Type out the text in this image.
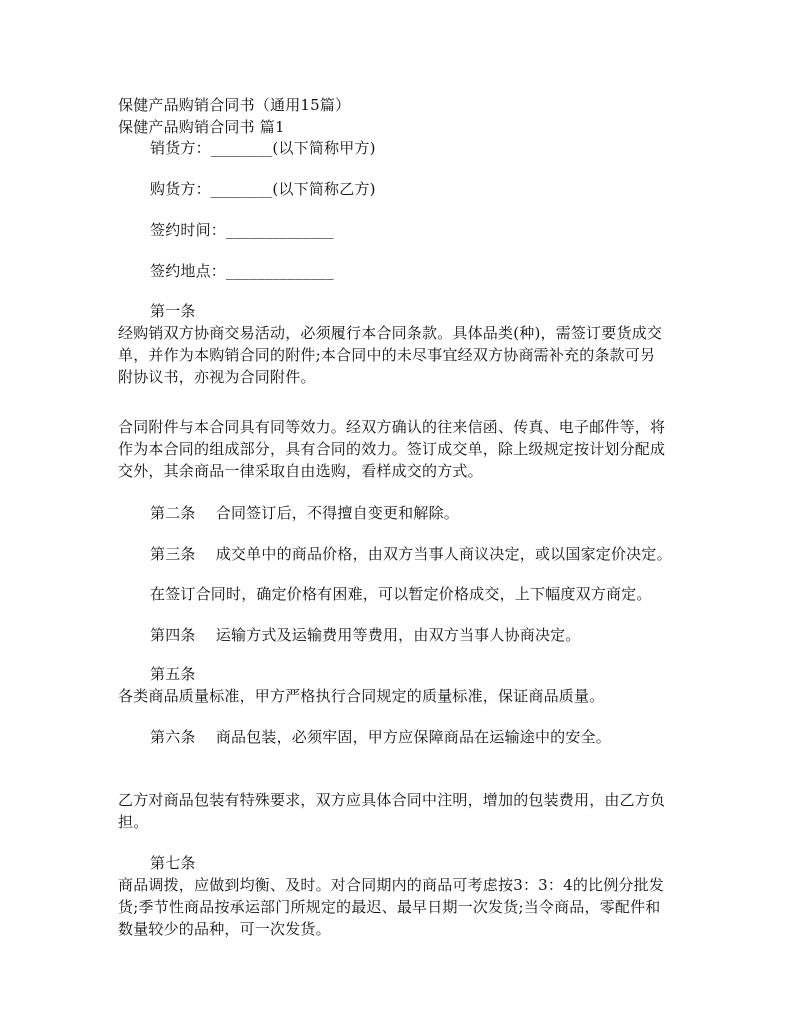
保健产品购销合同书（通用15篇）
保健产品购销合同书 篇1
销货方：________(以下简称甲方)
购货方：________(以下简称乙方)
签约时间：______________
签约地点：______________
第一条
经购销双方协商交易活动，必须履行本合同条款。具体品类(种)，需签订要货成交
单，并作为本购销合同的附件;本合同中的未尽事宜经双方协商需补充的条款可另
附协议书，亦视为合同附件。
合同附件与本合同具有同等效力。经双方确认的往来信函、传真、电子邮件等，将
作为本合同的组成部分，具有合同的效力。签订成交单，除上级规定按计划分配成
交外，其余商品一律采取自由选购，看样成交的方式。
第二条　 合同签订后，不得擅自变更和解除。
第三条　 成交单中的商品价格，由双方当事人商议决定，或以国家定价决定。
在签订合同时，确定价格有困难，可以暂定价格成交，上下幅度双方商定。
第四条　 运输方式及运输费用等费用，由双方当事人协商决定。
第五条
各类商品质量标准，甲方严格执行合同规定的质量标准，保证商品质量。
第六条　 商品包装，必须牢固，甲方应保障商品在运输途中的安全。
乙方对商品包装有特殊要求，双方应具体合同中注明，增加的包装费用，由乙方负
担。
第七条
商品调拨，应做到均衡、及时。对合同期内的商品可考虑按3：3：4的比例分批发
货;季节性商品按承运部门所规定的最迟、最早日期一次发货;当令商品，零配件和
数量较少的品种，可一次发货。
